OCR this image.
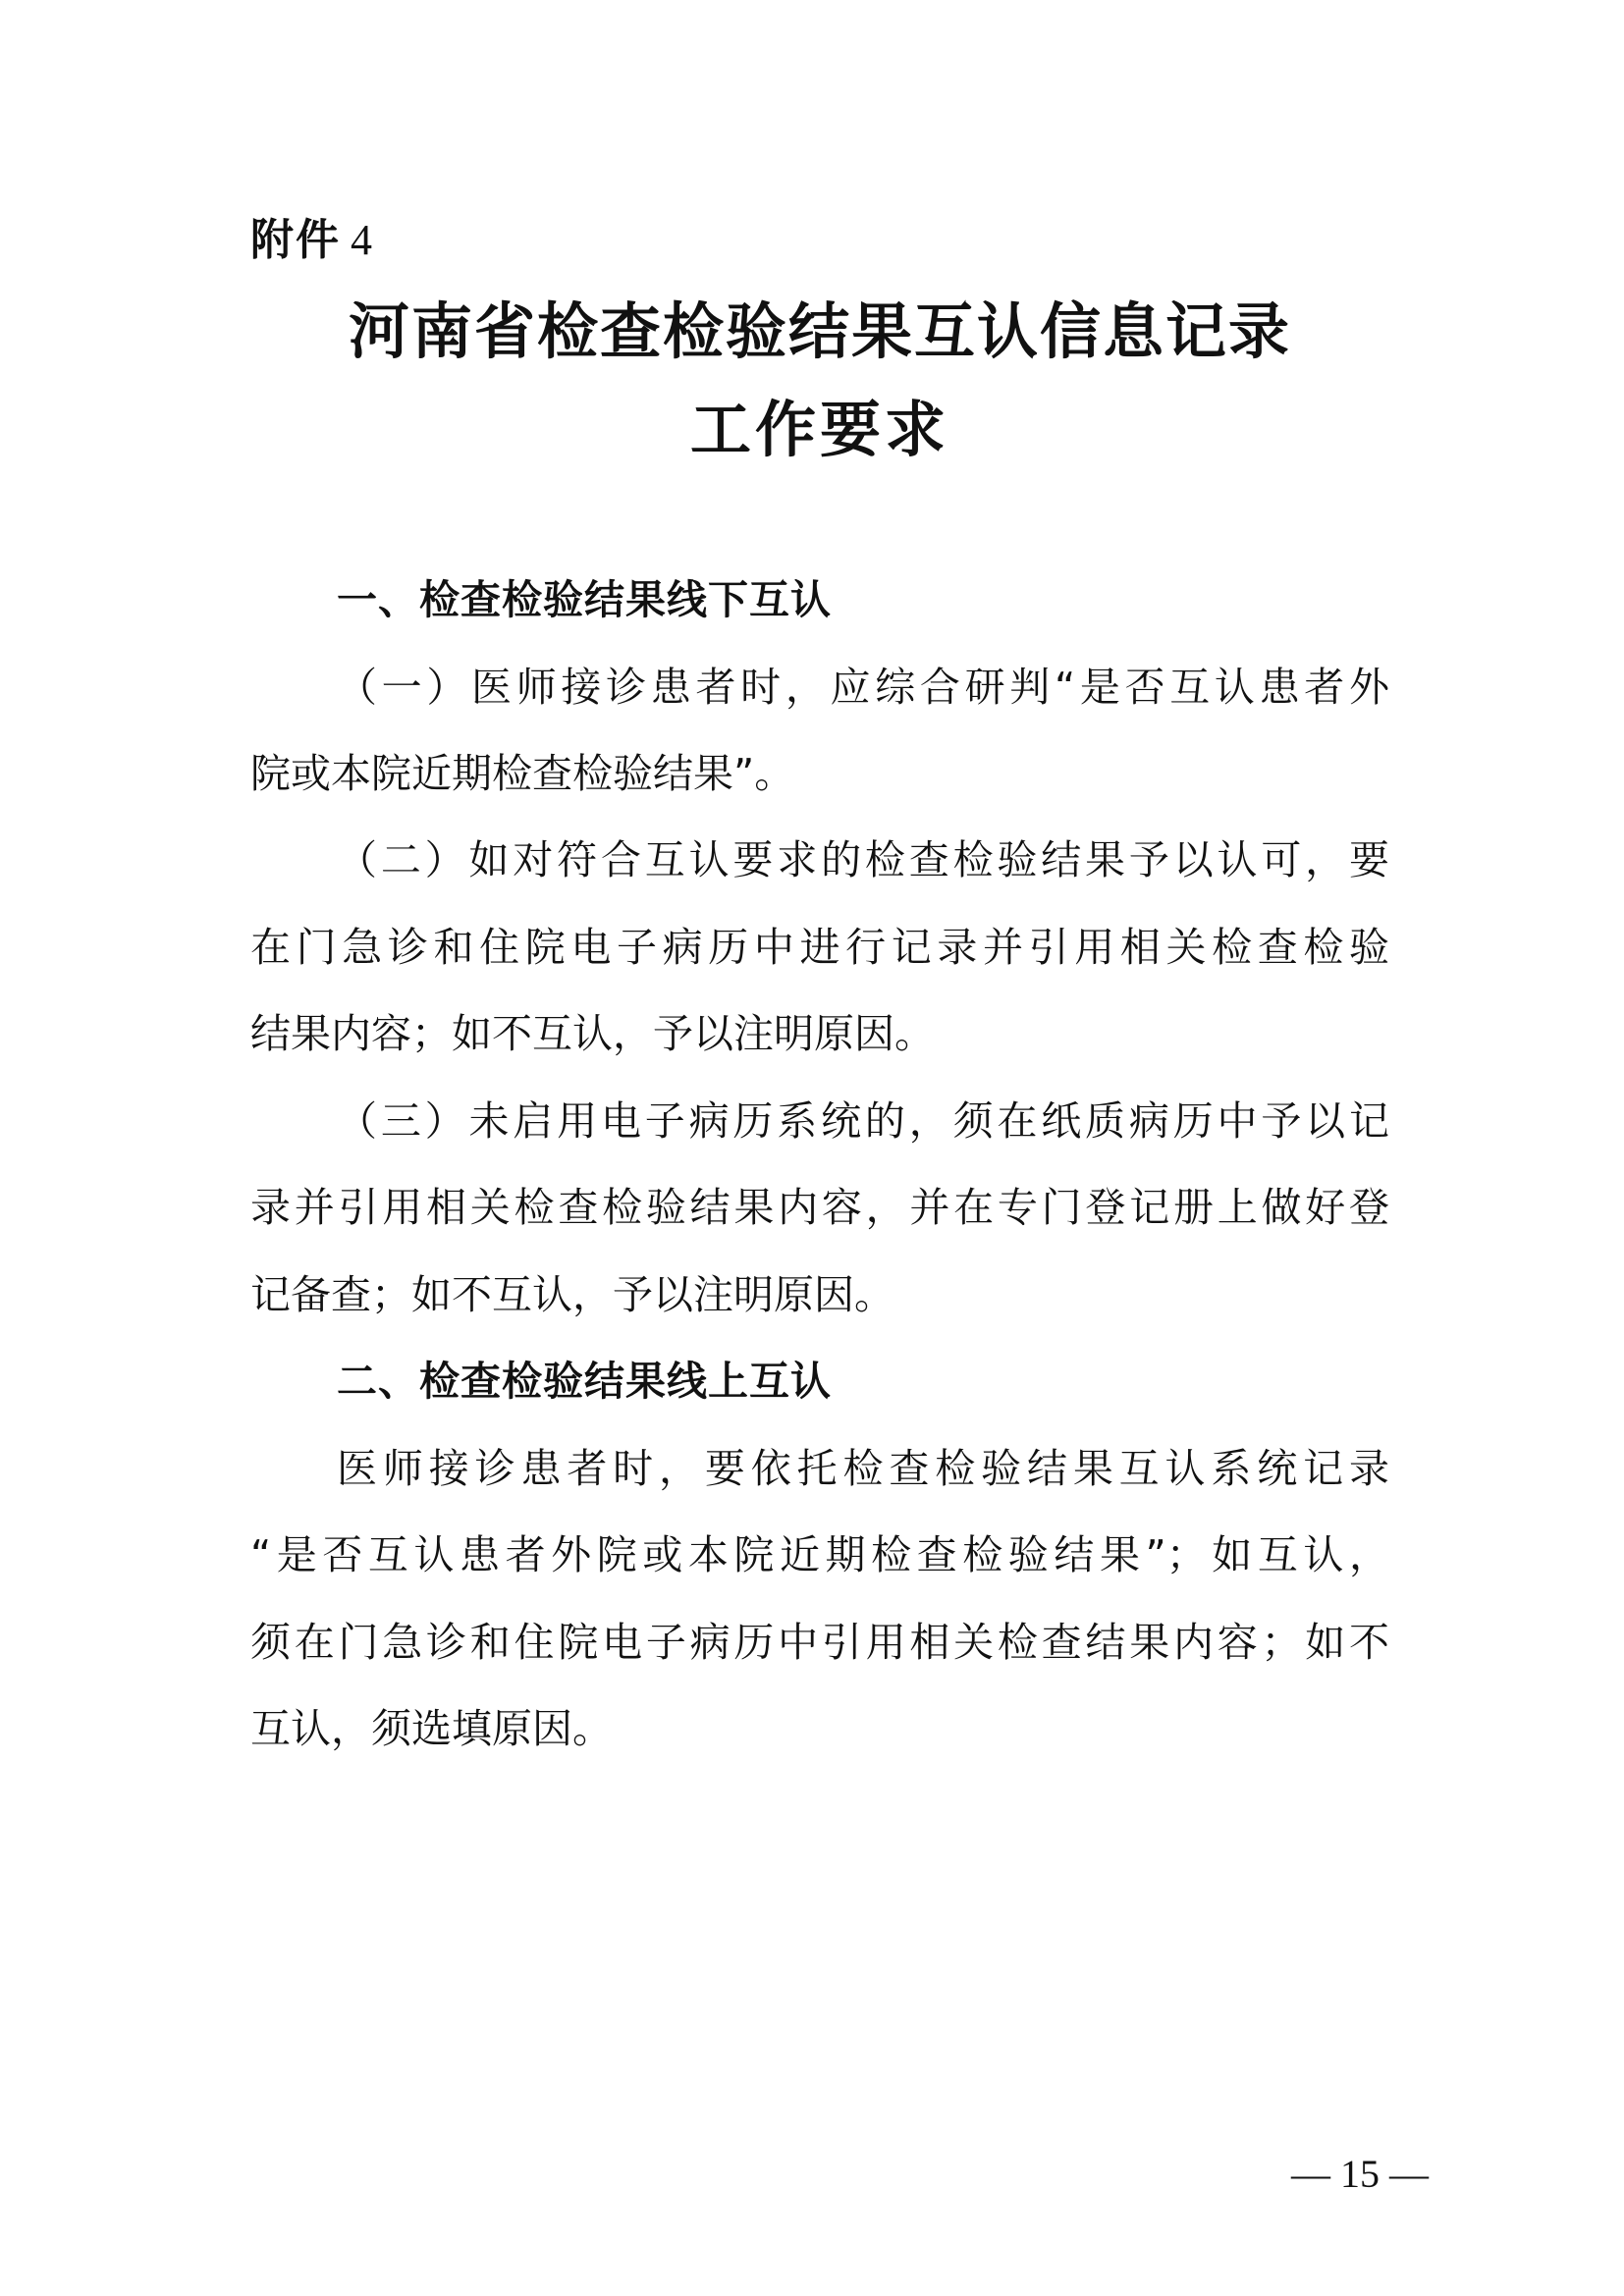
附件 4
河南省检查检验结果互认信息记录
工作要求
一、检查检验结果线下互认
（一）医师接诊患者时，应综合研判“是否互认患者外
院或本院近期检查检验结果”。
（二）如对符合互认要求的检查检验结果予以认可，要
在门急诊和住院电子病历中进行记录并引用相关检查检验
结果内容；如不互认，予以注明原因。
（三）未启用电子病历系统的，须在纸质病历中予以记
录并引用相关检查检验结果内容，并在专门登记册上做好登
记备查；如不互认，予以注明原因。
二、检查检验结果线上互认
医师接诊患者时，要依托检查检验结果互认系统记录
“是否互认患者外院或本院近期检查检验结果”；如互认，
须在门急诊和住院电子病历中引用相关检查结果内容；如不
互认，须选填原因。
— 15 —
